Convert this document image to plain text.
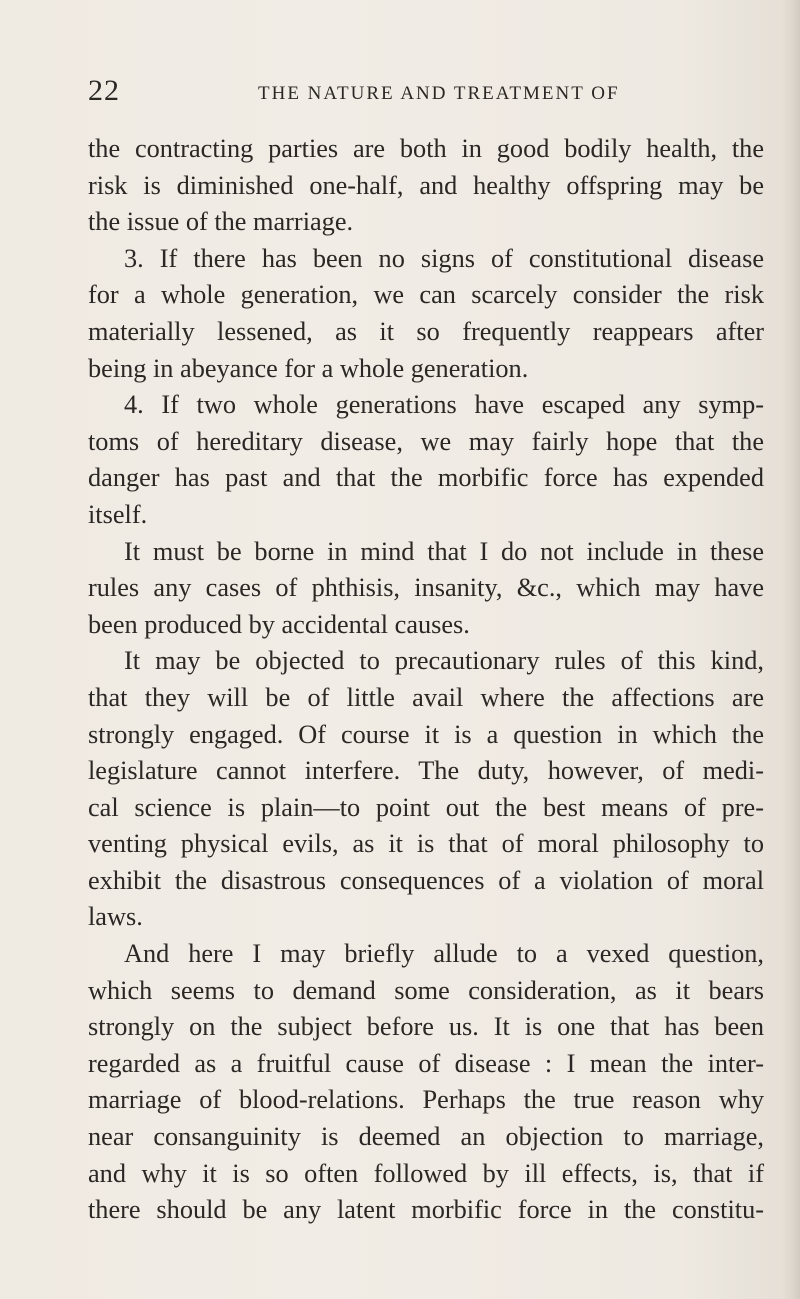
22	THE NATURE AND TREATMENT OF
the contracting parties are both in good bodily health, the
risk is diminished one-half, and healthy offspring may be
the issue of the marriage.
3. If there has been no signs of constitutional disease
for a whole generation, we can scarcely consider the risk
materially lessened, as it so frequently reappears after
being in abeyance for a whole generation.
4. If two whole generations have escaped any symp-
toms of hereditary disease, we may fairly hope that the
danger has past and that the morbific force has expended
itself.
It must be borne in mind that I do not include in these
rules any cases of phthisis, insanity, &c., which may have
been produced by accidental causes.
It may be objected to precautionary rules of this kind,
that they will be of little avail where the affections are
strongly engaged. Of course it is a question in which the
legislature cannot interfere. The duty, however, of medi-
cal science is plain—to point out the best means of pre-
venting physical evils, as it is that of moral philosophy to
exhibit the disastrous consequences of a violation of moral
laws.
And here I may briefly allude to a vexed question,
which seems to demand some consideration, as it bears
strongly on the subject before us. It is one that has been
regarded as a fruitful cause of disease : I mean the inter-
marriage of blood-relations. Perhaps the true reason why
near consanguinity is deemed an objection to marriage,
and why it is so often followed by ill effects, is, that if
there should be any latent morbific force in the constitu-
